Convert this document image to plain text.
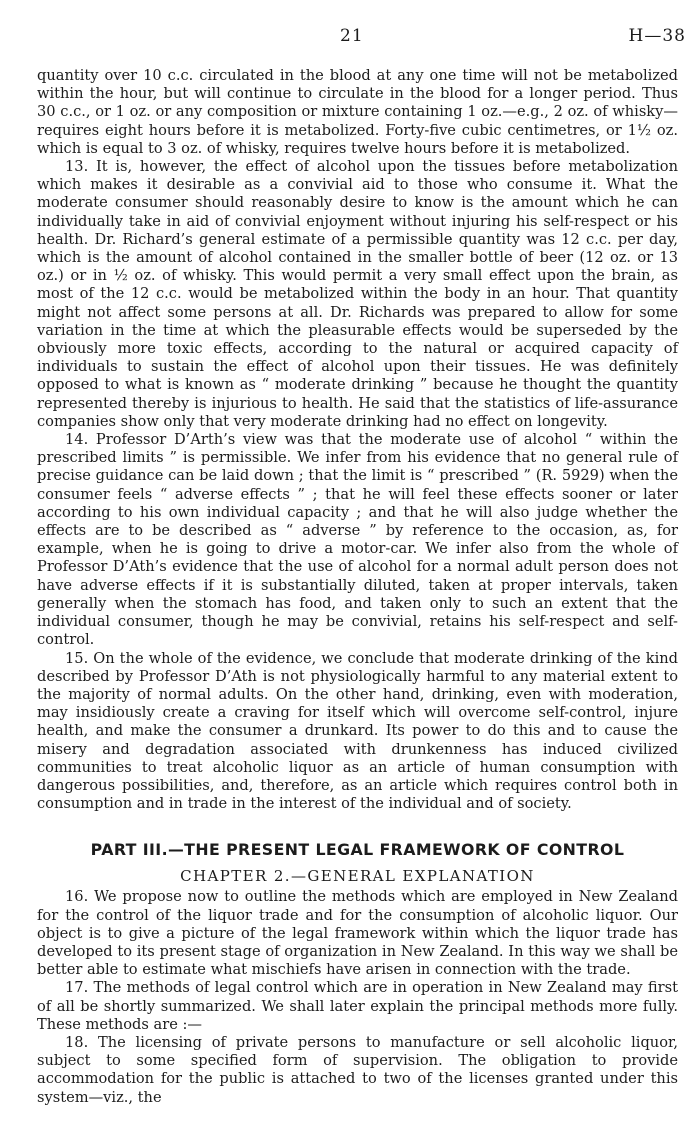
21	H—38

quantity over 10 c.c. circulated in the blood at any one time will not be metabolized within the hour, but will continue to circulate in the blood for a longer period. Thus 30 c.c., or 1 oz. or any composition or mixture containing 1 oz.—e.g., 2 oz. of whisky—requires eight hours before it is metabolized. Forty-five cubic centimetres, or 1½ oz. which is equal to 3 oz. of whisky, requires twelve hours before it is metabolized.

13. It is, however, the effect of alcohol upon the tissues before metabolization which makes it desirable as a convivial aid to those who consume it. What the moderate consumer should reasonably desire to know is the amount which he can individually take in aid of convivial enjoyment without injuring his self-respect or his health. Dr. Richard’s general estimate of a permissible quantity was 12 c.c. per day, which is the amount of alcohol contained in the smaller bottle of beer (12 oz. or 13 oz.) or in ½ oz. of whisky. This would permit a very small effect upon the brain, as most of the 12 c.c. would be metabolized within the body in an hour. That quantity might not affect some persons at all. Dr. Richards was prepared to allow for some variation in the time at which the pleasurable effects would be superseded by the obviously more toxic effects, according to the natural or acquired capacity of individuals to sustain the effect of alcohol upon their tissues. He was definitely opposed to what is known as “ moderate drinking ” because he thought the quantity represented thereby is injurious to health. He said that the statistics of life-assurance companies show only that very moderate drinking had no effect on longevity.

14. Professor D’Arth’s view was that the moderate use of alcohol “ within the prescribed limits ” is permissible. We infer from his evidence that no general rule of precise guidance can be laid down ; that the limit is “ prescribed ” (R. 5929) when the consumer feels “ adverse effects ” ; that he will feel these effects sooner or later according to his own individual capacity ; and that he will also judge whether the effects are to be described as “ adverse ” by reference to the occasion, as, for example, when he is going to drive a motor-car. We infer also from the whole of Professor D’Ath’s evidence that the use of alcohol for a normal adult person does not have adverse effects if it is substantially diluted, taken at proper intervals, taken generally when the stomach has food, and taken only to such an extent that the individual consumer, though he may be convivial, retains his self-respect and self-control.

15. On the whole of the evidence, we conclude that moderate drinking of the kind described by Professor D’Ath is not physiologically harmful to any material extent to the majority of normal adults. On the other hand, drinking, even with moderation, may insidiously create a craving for itself which will overcome self-control, injure health, and make the consumer a drunkard. Its power to do this and to cause the misery and degradation associated with drunkenness has induced civilized communities to treat alcoholic liquor as an article of human consumption with dangerous possibilities, and, therefore, as an article which requires control both in consumption and in trade in the interest of the individual and of society.

PART III.—THE PRESENT LEGAL FRAMEWORK OF CONTROL
CHAPTER 2.—GENERAL EXPLANATION

16. We propose now to outline the methods which are employed in New Zealand for the control of the liquor trade and for the consumption of alcoholic liquor. Our object is to give a picture of the legal framework within which the liquor trade has developed to its present stage of organization in New Zealand. In this way we shall be better able to estimate what mischiefs have arisen in connection with the trade.

17. The methods of legal control which are in operation in New Zealand may first of all be shortly summarized. We shall later explain the principal methods more fully. These methods are :—

18. The licensing of private persons to manufacture or sell alcoholic liquor, subject to some specified form of supervision. The obligation to provide accommodation for the public is attached to two of the licenses granted under this system—viz., the
